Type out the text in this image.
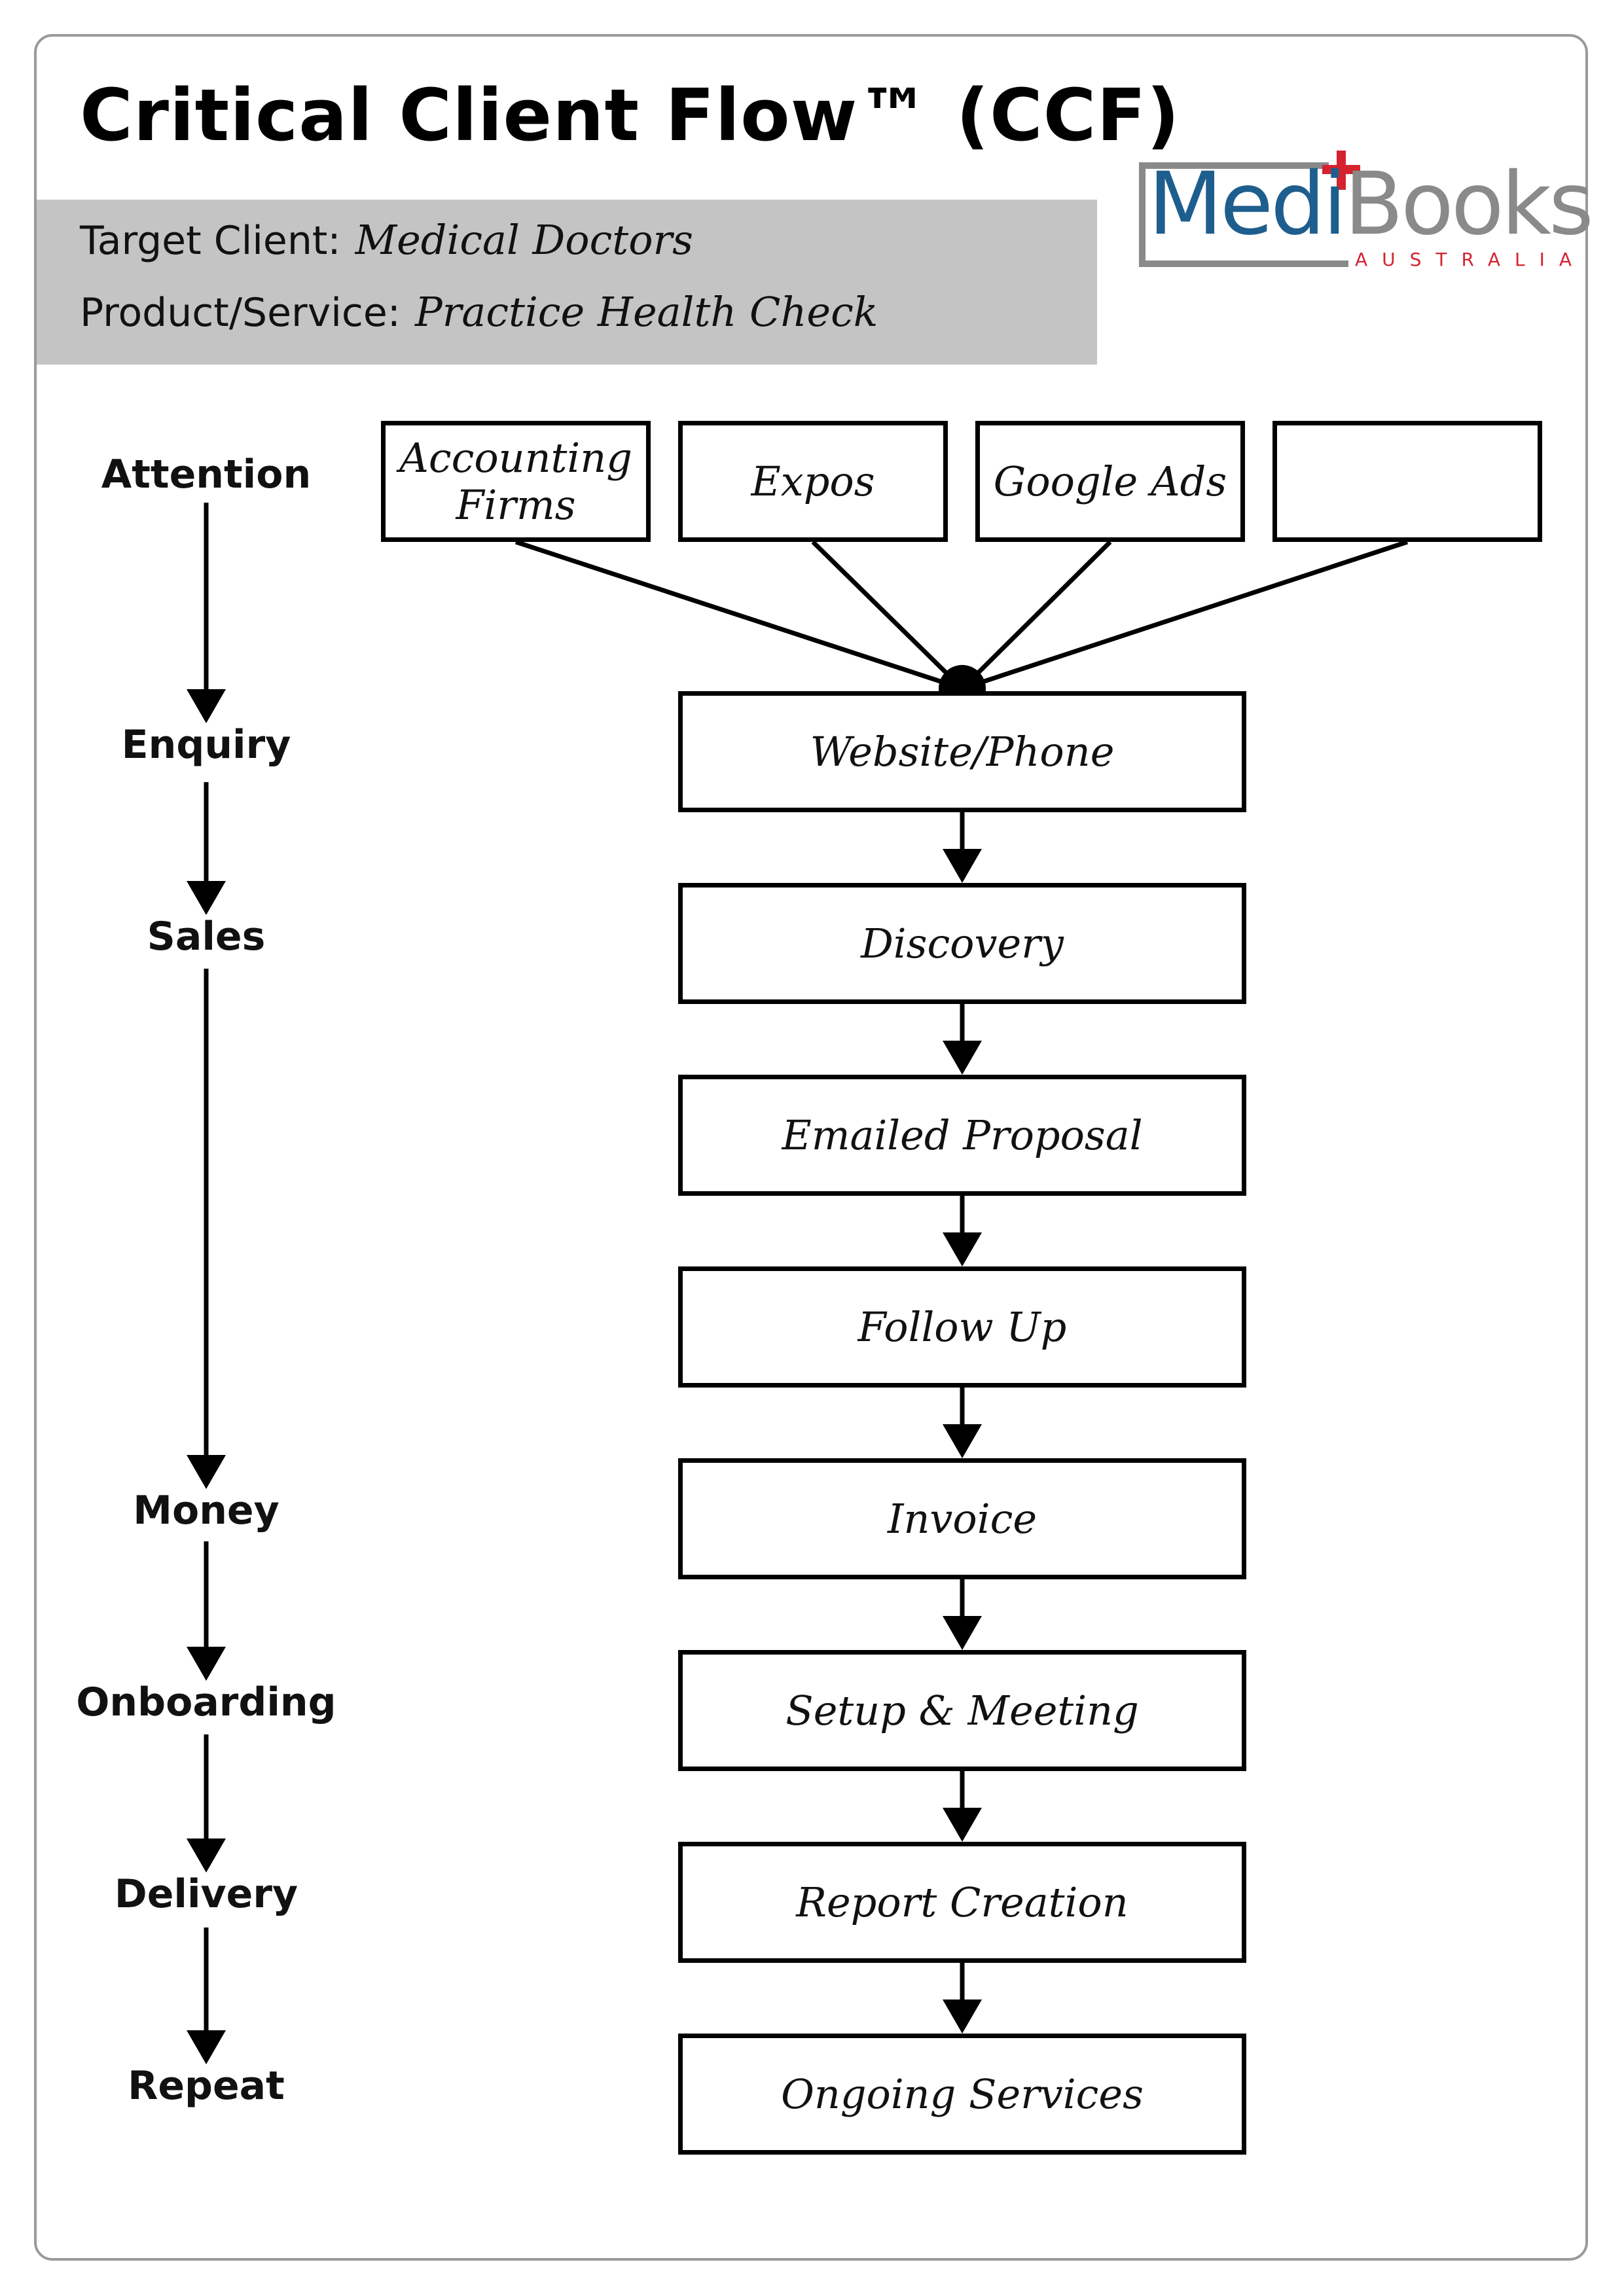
Critical Client Flow™ (CCF)
Target Client: Medical Doctors
Product/Service: Practice Health Check
MediBooks
AUSTRALIA
Attention
Enquiry
Sales
Money
Onboarding
Delivery
Repeat
Accounting Firms	Expos	Google Ads
Website/Phone
Discovery
Emailed Proposal
Follow Up
Invoice
Setup & Meeting
Report Creation
Ongoing Services
